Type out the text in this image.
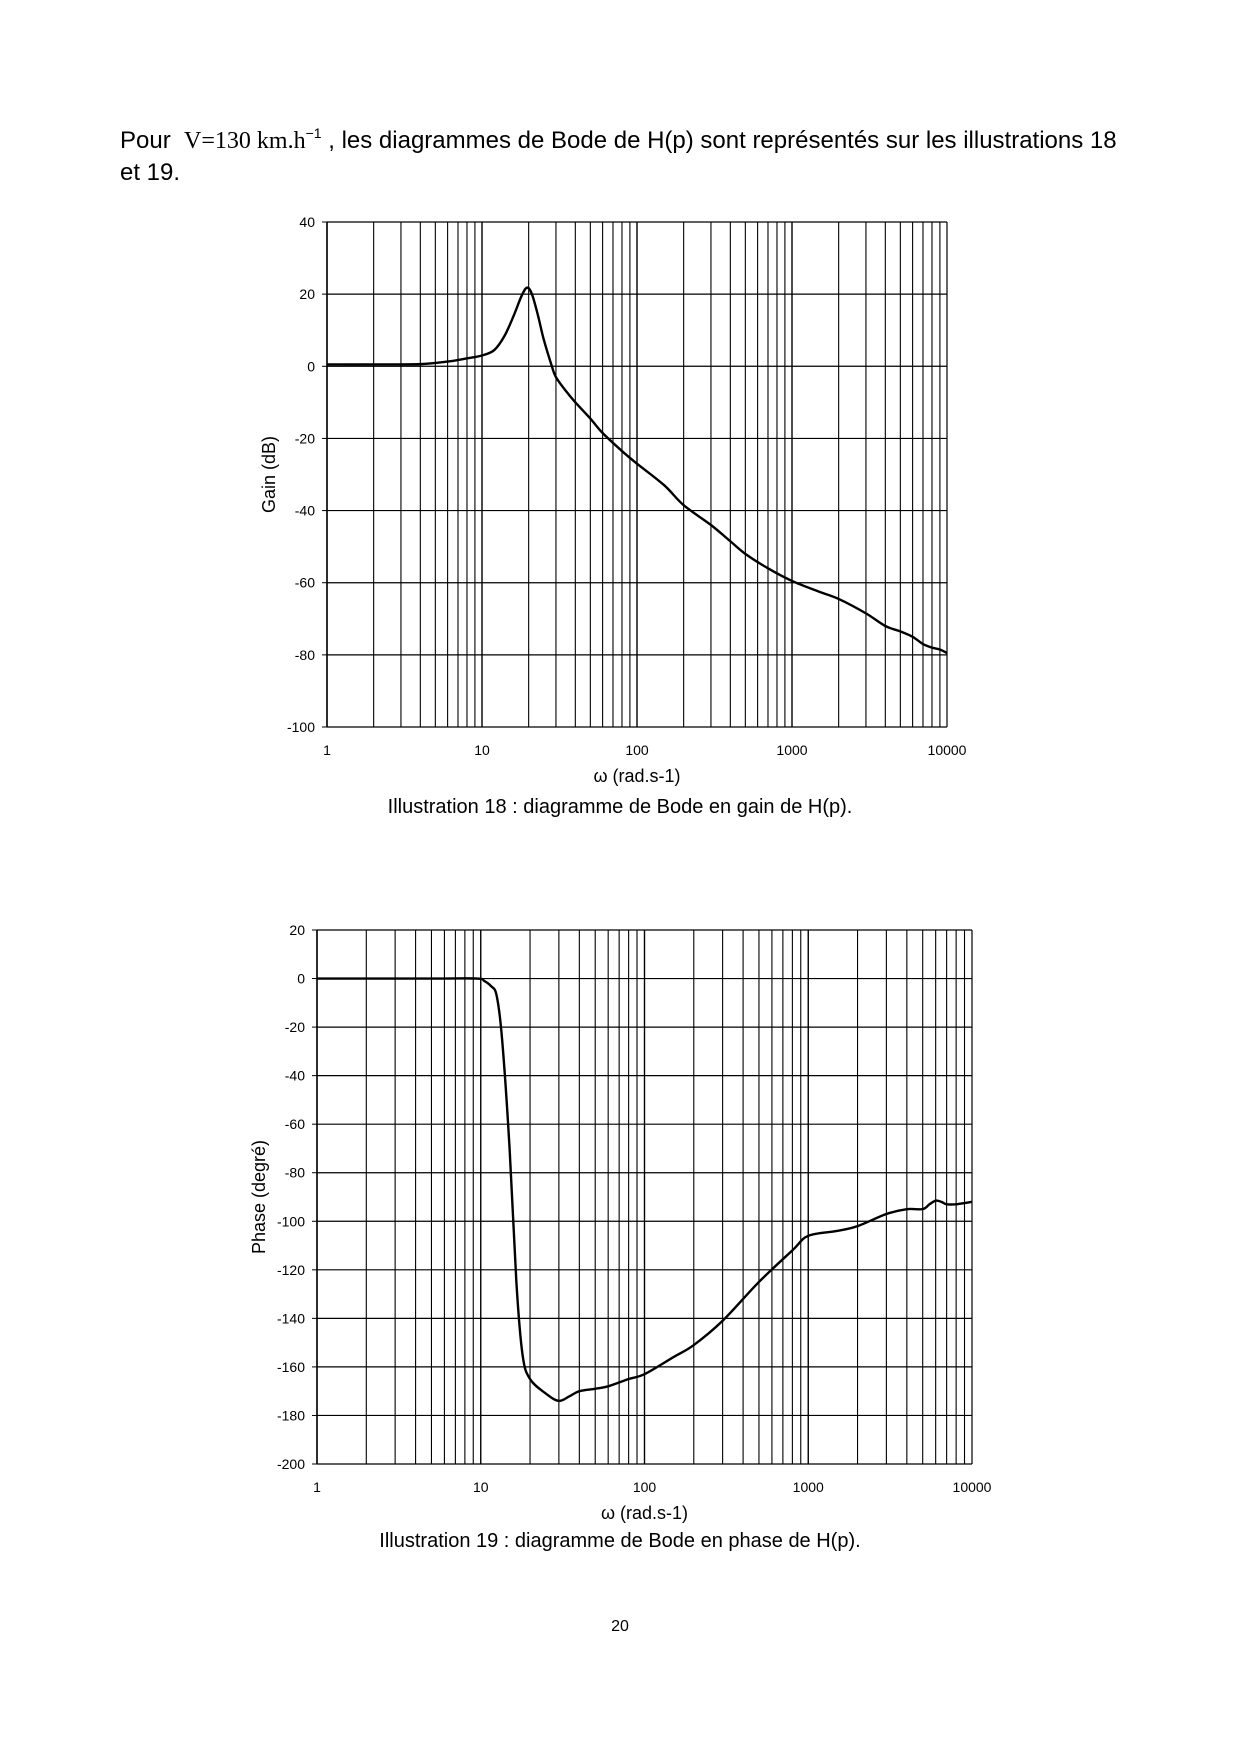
Pour V=130 $km.h^{-1}$ , les diagrammes de Bode de H(p) sont représentés sur les illustrations 18 et 19.

40
20
0
-20
-40
-60
-80
-100
1	10	100	1000	10000
ω (rad.s-1)
Gain (dB)

Illustration 18 : diagramme de Bode en gain de H(p).

20
0
-20
-40
-60
-80
-100
-120
-140
-160
-180
-200
1	10	100	1000	10000
ω (rad.s-1)
Phase (degré)

Illustration 19 : diagramme de Bode en phase de H(p).

20
